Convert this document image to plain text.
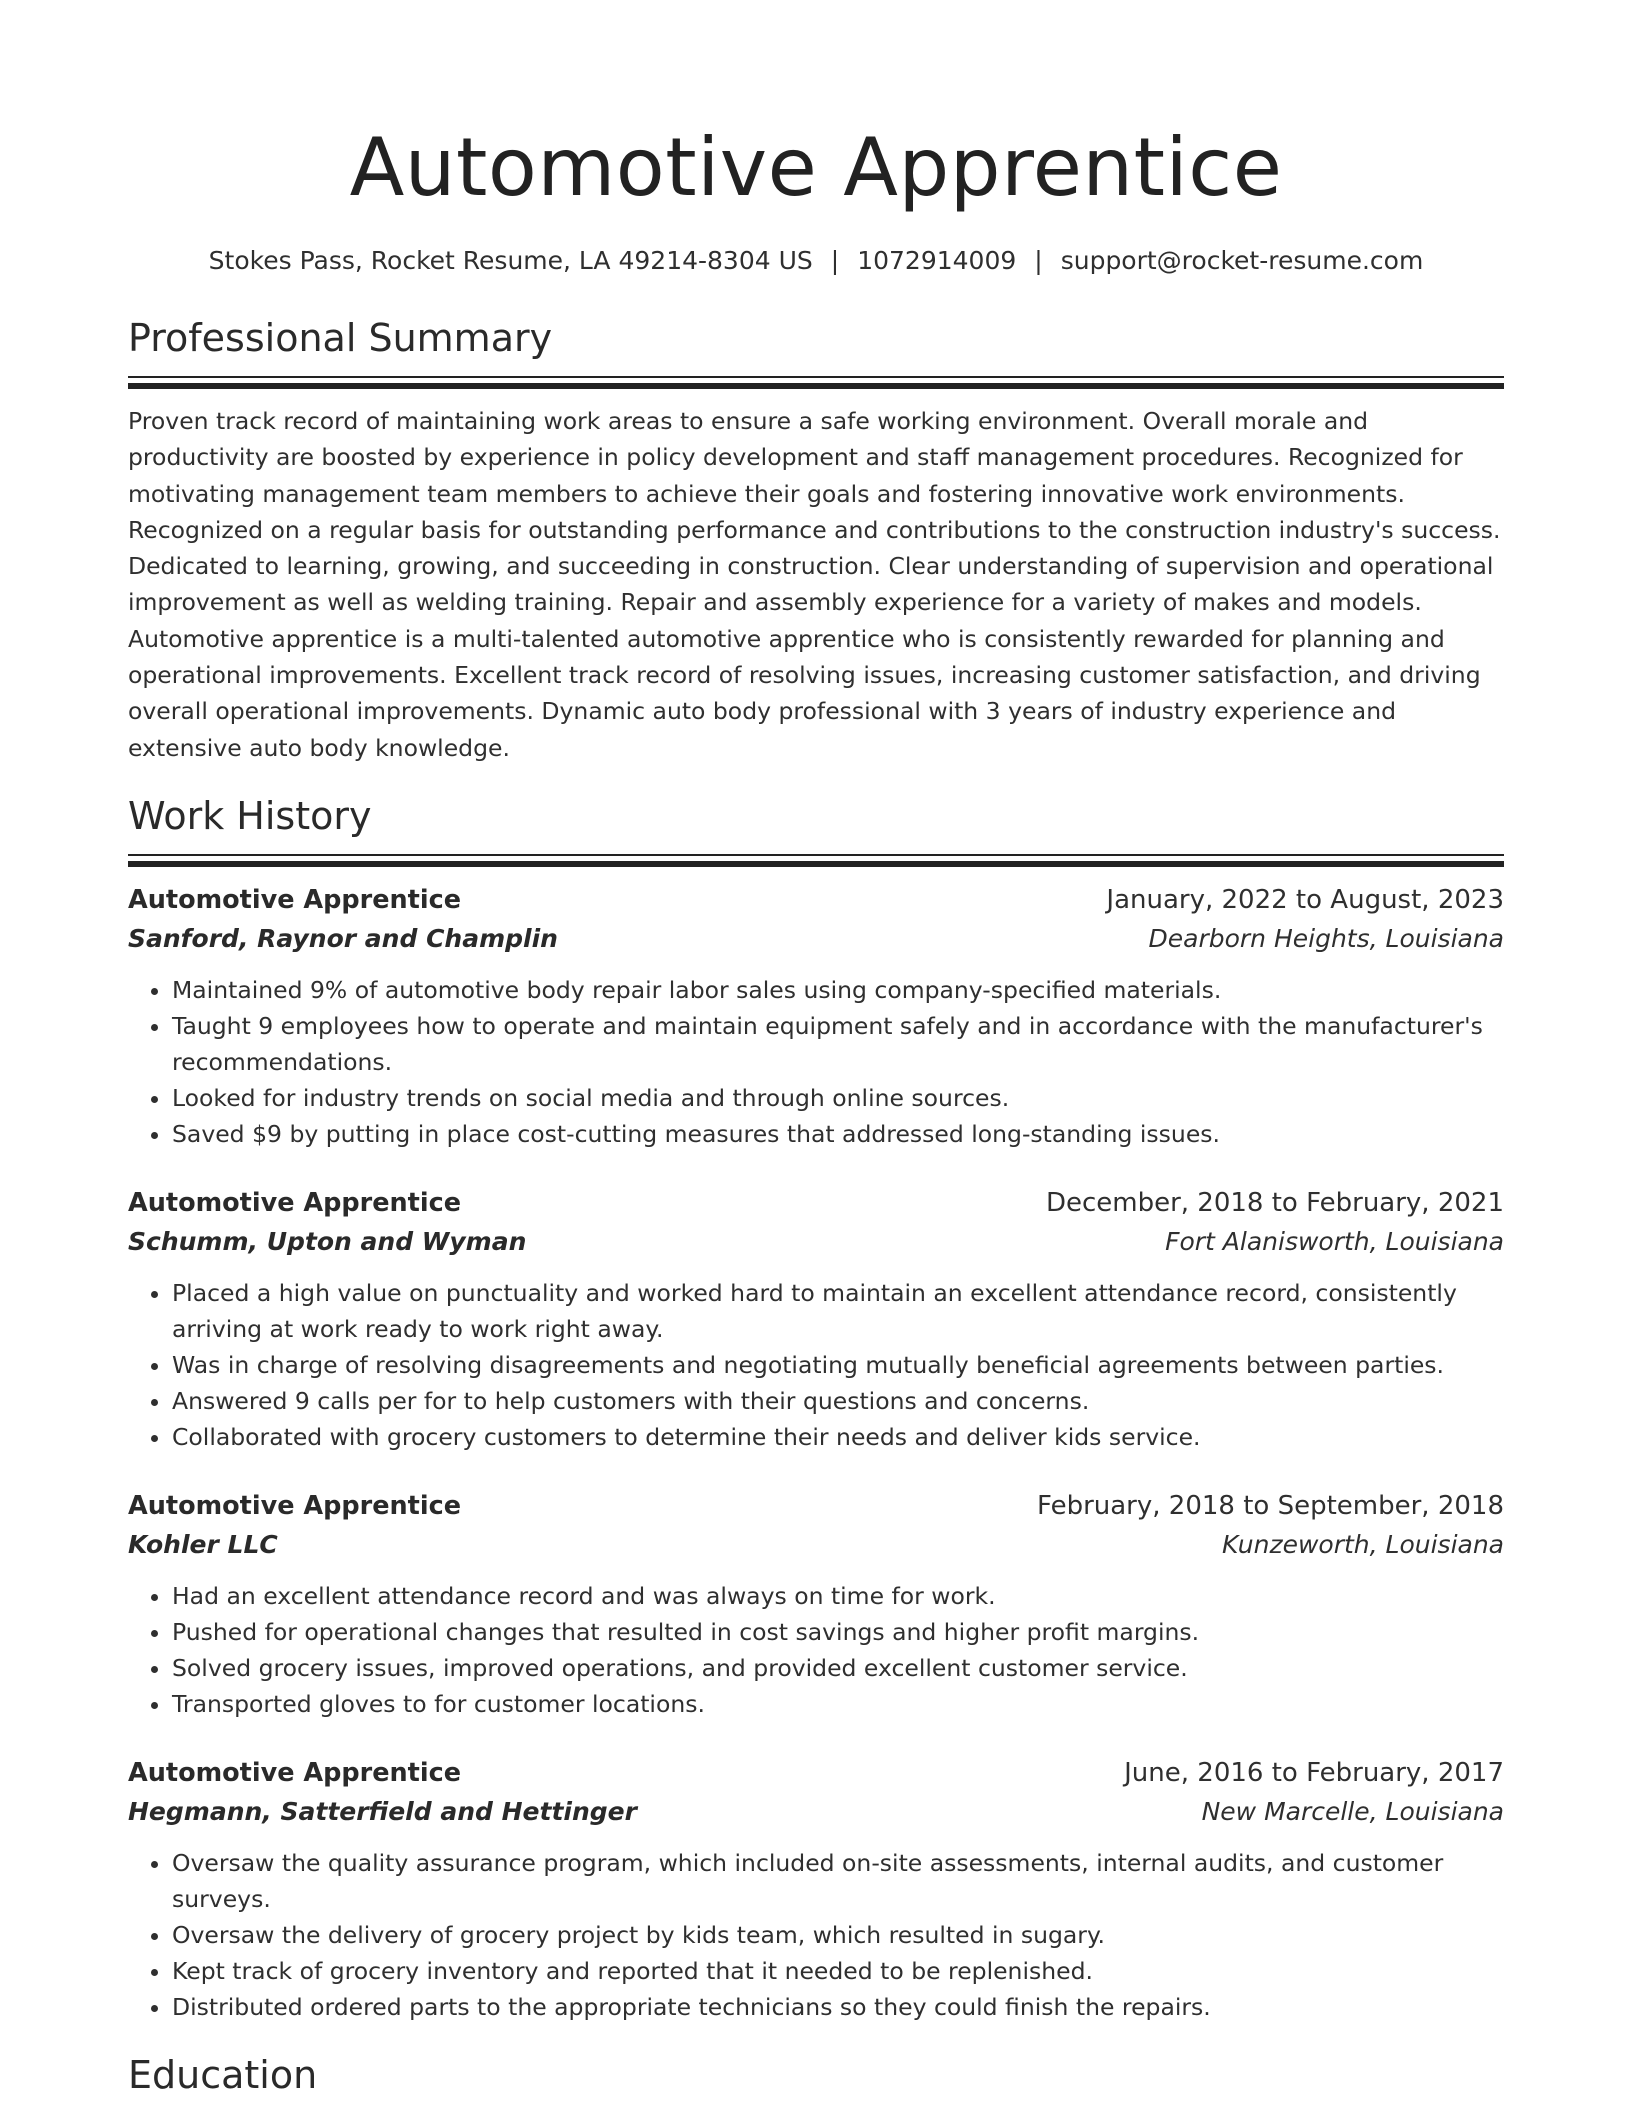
Automotive Apprentice
Stokes Pass, Rocket Resume, LA 49214-8304 US | 1072914009 | support@rocket-resume.com
Professional Summary

Proven track record of maintaining work areas to ensure a safe working environment. Overall morale and productivity are boosted by experience in policy development and staff management procedures. Recognized for motivating management team members to achieve their goals and fostering innovative work environments. Recognized on a regular basis for outstanding performance and contributions to the construction industry's success. Dedicated to learning, growing, and succeeding in construction. Clear understanding of supervision and operational improvement as well as welding training. Repair and assembly experience for a variety of makes and models. Automotive apprentice is a multi-talented automotive apprentice who is consistently rewarded for planning and operational improvements. Excellent track record of resolving issues, increasing customer satisfaction, and driving overall operational improvements. Dynamic auto body professional with 3 years of industry experience and extensive auto body knowledge.

Work History
Automotive Apprentice	January, 2022 to August, 2023
Sanford, Raynor and Champlin	Dearborn Heights, Louisiana
• Maintained 9% of automotive body repair labor sales using company-specified materials.
• Taught 9 employees how to operate and maintain equipment safely and in accordance with the manufacturer's recommendations.
• Looked for industry trends on social media and through online sources.
• Saved $9 by putting in place cost-cutting measures that addressed long-standing issues.
Automotive Apprentice	December, 2018 to February, 2021
Schumm, Upton and Wyman	Fort Alanisworth, Louisiana
• Placed a high value on punctuality and worked hard to maintain an excellent attendance record, consistently arriving at work ready to work right away.
• Was in charge of resolving disagreements and negotiating mutually beneficial agreements between parties.
• Answered 9 calls per for to help customers with their questions and concerns.
• Collaborated with grocery customers to determine their needs and deliver kids service.
Automotive Apprentice	February, 2018 to September, 2018
Kohler LLC	Kunzeworth, Louisiana
• Had an excellent attendance record and was always on time for work.
• Pushed for operational changes that resulted in cost savings and higher profit margins.
• Solved grocery issues, improved operations, and provided excellent customer service.
• Transported gloves to for customer locations.
Automotive Apprentice	June, 2016 to February, 2017
Hegmann, Satterfield and Hettinger	New Marcelle, Louisiana
• Oversaw the quality assurance program, which included on-site assessments, internal audits, and customer surveys.
• Oversaw the delivery of grocery project by kids team, which resulted in sugary.
• Kept track of grocery inventory and reported that it needed to be replenished.
• Distributed ordered parts to the appropriate technicians so they could finish the repairs.
Education
